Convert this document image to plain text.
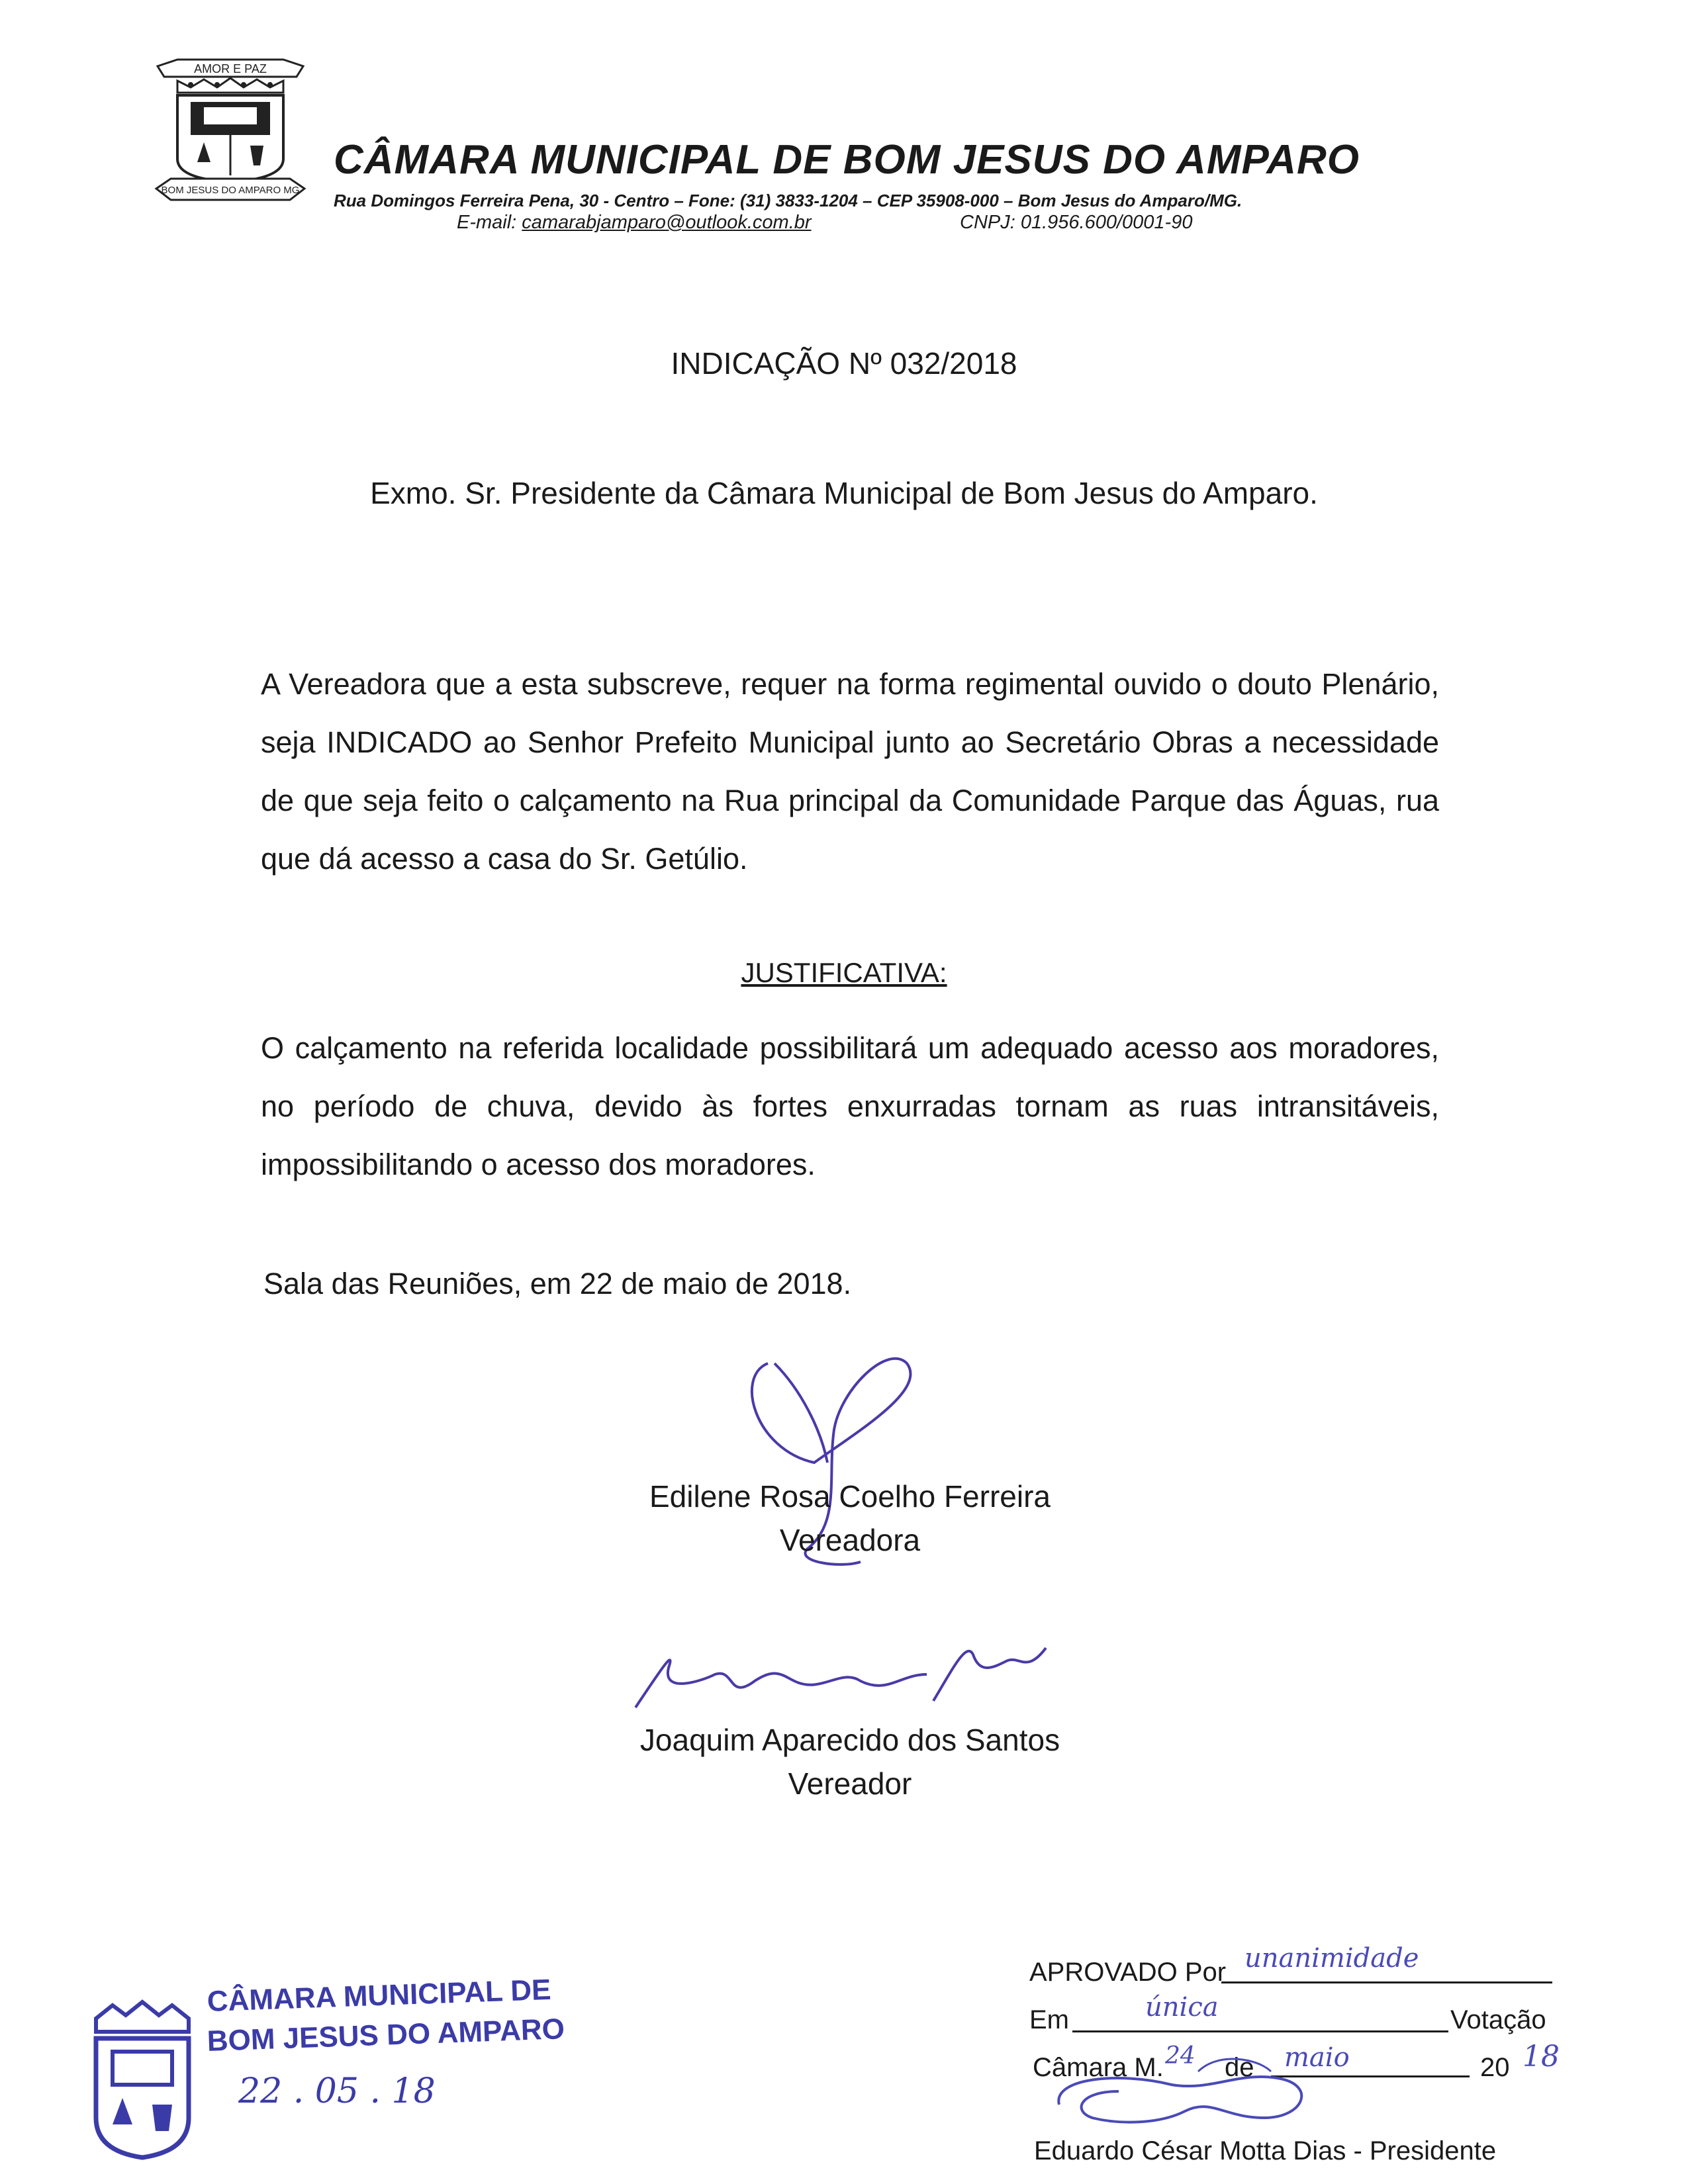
AMOR E PAZ
BOM JESUS DO AMPARO MG
CÂMARA MUNICIPAL DE BOM JESUS DO AMPARO
Rua Domingos Ferreira Pena, 30 - Centro – Fone: (31) 3833-1204 – CEP 35908-000 – Bom Jesus do Amparo/MG.
E-mail: camarabjamparo@outlook.com.br	CNPJ: 01.956.600/0001-90
INDICAÇÃO Nº 032/2018
Exmo. Sr. Presidente da Câmara Municipal de Bom Jesus do Amparo.
A Vereadora que a esta subscreve, requer na forma regimental ouvido o douto Plenário, seja INDICADO ao Senhor Prefeito Municipal junto ao Secretário Obras a necessidade de que seja feito o calçamento na Rua principal da Comunidade Parque das Águas, rua que dá acesso a casa do Sr. Getúlio.
JUSTIFICATIVA:
O calçamento na referida localidade possibilitará um adequado acesso aos moradores, no período de chuva, devido às fortes enxurradas tornam as ruas intransitáveis, impossibilitando o acesso dos moradores.
Sala das Reuniões, em 22 de maio de 2018.
Edilene Rosa Coelho Ferreira
Vereadora
Joaquim Aparecido dos Santos
Vereador
CÂMARA MUNICIPAL DE
BOM JESUS DO AMPARO
22 . 05 . 18
APROVADO Por unanimidade
Em	Votação
única
Câmara M. de	20
24	maio	18
Eduardo César Motta Dias - Presidente
